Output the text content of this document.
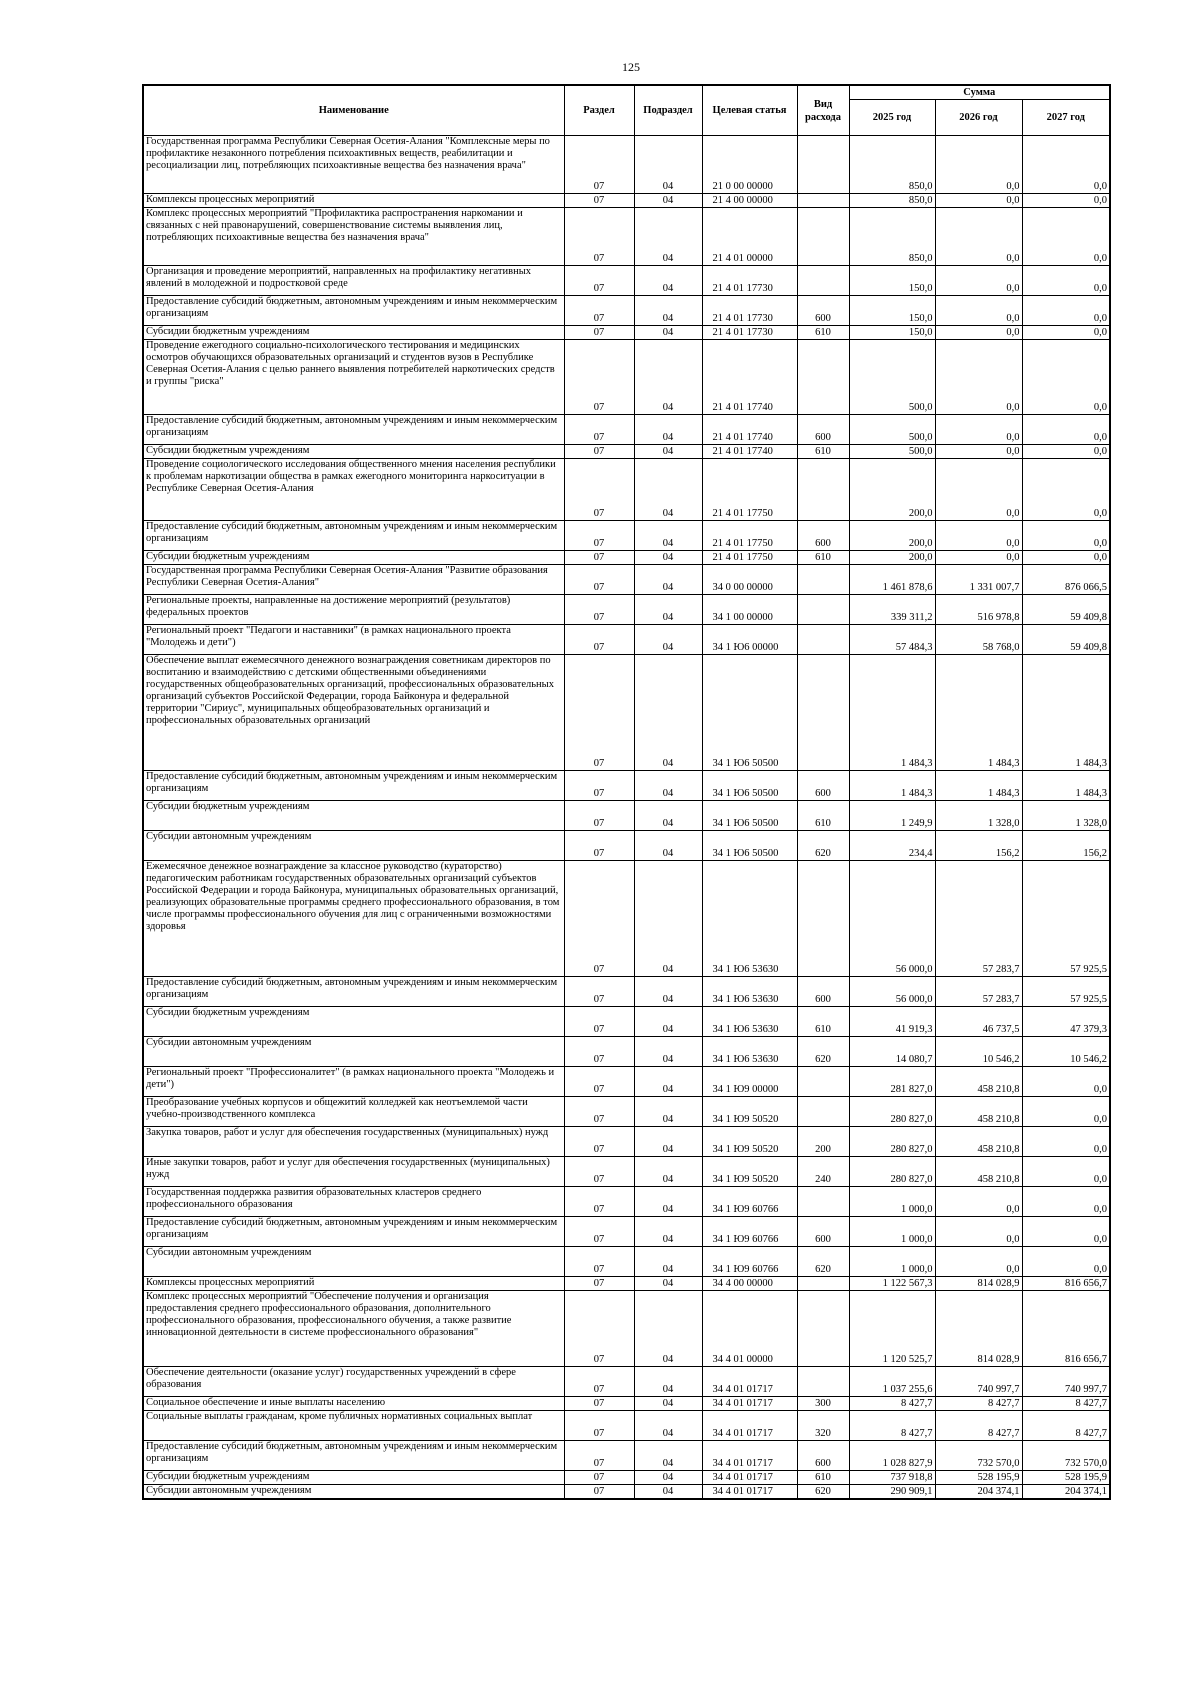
125
Наименование	Раздел	Подраздел	Целевая статья	Вид расхода	Сумма		
					2025 год	2026 год	2027 год
Государственная программа Республики Северная Осетия-Алания "Комплексные меры по профилактике незаконного потребления психоактивных веществ, реабилитации и ресоциализации лиц, потребляющих психоактивные вещества без назначения врача"	07	04	21 0 00 00000		850,0	0,0	0,0
Комплексы процессных мероприятий	07	04	21 4 00 00000		850,0	0,0	0,0
Комплекс процессных мероприятий "Профилактика распространения наркомании и связанных с ней правонарушений, совершенствование системы выявления лиц, потребляющих психоактивные вещества без назначения врача"	07	04	21 4 01 00000		850,0	0,0	0,0
Организация и проведение мероприятий, направленных на профилактику негативных явлений в молодежной и подростковой среде	07	04	21 4 01 17730		150,0	0,0	0,0
Предоставление субсидий бюджетным, автономным учреждениям и иным некоммерческим организациям	07	04	21 4 01 17730	600	150,0	0,0	0,0
Субсидии бюджетным учреждениям	07	04	21 4 01 17730	610	150,0	0,0	0,0
Проведение ежегодного социально-психологического тестирования и медицинских осмотров обучающихся образовательных организаций и студентов вузов в Республике Северная Осетия-Алания с целью раннего выявления потребителей наркотических средств и группы "риска"	07	04	21 4 01 17740		500,0	0,0	0,0
Предоставление субсидий бюджетным, автономным учреждениям и иным некоммерческим организациям	07	04	21 4 01 17740	600	500,0	0,0	0,0
Субсидии бюджетным учреждениям	07	04	21 4 01 17740	610	500,0	0,0	0,0
Проведение социологического исследования общественного мнения населения республики к проблемам наркотизации общества в рамках ежегодного мониторинга наркоситуации в Республике Северная Осетия-Алания	07	04	21 4 01 17750		200,0	0,0	0,0
Предоставление субсидий бюджетным, автономным учреждениям и иным некоммерческим организациям	07	04	21 4 01 17750	600	200,0	0,0	0,0
Субсидии бюджетным учреждениям	07	04	21 4 01 17750	610	200,0	0,0	0,0
Государственная программа Республики Северная Осетия-Алания "Развитие образования Республики Северная Осетия-Алания"	07	04	34 0 00 00000		1 461 878,6	1 331 007,7	876 066,5
Региональные проекты, направленные на достижение мероприятий (результатов) федеральных проектов	07	04	34 1 00 00000		339 311,2	516 978,8	59 409,8
Региональный проект "Педагоги и наставники" (в рамках национального проекта "Молодежь и дети")	07	04	34 1 Ю6 00000		57 484,3	58 768,0	59 409,8
Обеспечение выплат ежемесячного денежного вознаграждения советникам директоров по воспитанию и взаимодействию с детскими общественными объединениями государственных общеобразовательных организаций, профессиональных образовательных организаций субъектов Российской Федерации, города Байконура и федеральной территории "Сириус", муниципальных общеобразовательных организаций и профессиональных образовательных организаций	07	04	34 1 Ю6 50500		1 484,3	1 484,3	1 484,3
Предоставление субсидий бюджетным, автономным учреждениям и иным некоммерческим организациям	07	04	34 1 Ю6 50500	600	1 484,3	1 484,3	1 484,3
Субсидии бюджетным учреждениям	07	04	34 1 Ю6 50500	610	1 249,9	1 328,0	1 328,0
Субсидии автономным учреждениям	07	04	34 1 Ю6 50500	620	234,4	156,2	156,2
Ежемесячное денежное вознаграждение за классное руководство (кураторство) педагогическим работникам государственных образовательных организаций субъектов Российской Федерации и города Байконура, муниципальных образовательных организаций, реализующих образовательные программы среднего профессионального образования, в том числе программы профессионального обучения для лиц с ограниченными возможностями здоровья	07	04	34 1 Ю6 53630		56 000,0	57 283,7	57 925,5
Предоставление субсидий бюджетным, автономным учреждениям и иным некоммерческим организациям	07	04	34 1 Ю6 53630	600	56 000,0	57 283,7	57 925,5
Субсидии бюджетным учреждениям	07	04	34 1 Ю6 53630	610	41 919,3	46 737,5	47 379,3
Субсидии автономным учреждениям	07	04	34 1 Ю6 53630	620	14 080,7	10 546,2	10 546,2
Региональный проект "Профессионалитет" (в рамках национального проекта "Молодежь и дети")	07	04	34 1 Ю9 00000		281 827,0	458 210,8	0,0
Преобразование учебных корпусов и общежитий колледжей как неотъемлемой части учебно-производственного комплекса	07	04	34 1 Ю9 50520		280 827,0	458 210,8	0,0
Закупка товаров, работ и услуг для обеспечения государственных (муниципальных) нужд	07	04	34 1 Ю9 50520	200	280 827,0	458 210,8	0,0
Иные закупки товаров, работ и услуг для обеспечения государственных (муниципальных) нужд	07	04	34 1 Ю9 50520	240	280 827,0	458 210,8	0,0
Государственная поддержка развития образовательных кластеров среднего профессионального образования	07	04	34 1 Ю9 60766		1 000,0	0,0	0,0
Предоставление субсидий бюджетным, автономным учреждениям и иным некоммерческим организациям	07	04	34 1 Ю9 60766	600	1 000,0	0,0	0,0
Субсидии автономным учреждениям	07	04	34 1 Ю9 60766	620	1 000,0	0,0	0,0
Комплексы процессных мероприятий	07	04	34 4 00 00000		1 122 567,3	814 028,9	816 656,7
Комплекс процессных мероприятий "Обеспечение получения и организация предоставления среднего профессионального образования, дополнительного профессионального образования, профессионального обучения, а также развитие инновационной деятельности в системе профессионального образования"	07	04	34 4 01 00000		1 120 525,7	814 028,9	816 656,7
Обеспечение деятельности (оказание услуг) государственных учреждений в сфере образования	07	04	34 4 01 01717		1 037 255,6	740 997,7	740 997,7
Социальное обеспечение и иные выплаты населению	07	04	34 4 01 01717	300	8 427,7	8 427,7	8 427,7
Социальные выплаты гражданам, кроме публичных нормативных социальных выплат	07	04	34 4 01 01717	320	8 427,7	8 427,7	8 427,7
Предоставление субсидий бюджетным, автономным учреждениям и иным некоммерческим организациям	07	04	34 4 01 01717	600	1 028 827,9	732 570,0	732 570,0
Субсидии бюджетным учреждениям	07	04	34 4 01 01717	610	737 918,8	528 195,9	528 195,9
Субсидии автономным учреждениям	07	04	34 4 01 01717	620	290 909,1	204 374,1	204 374,1
